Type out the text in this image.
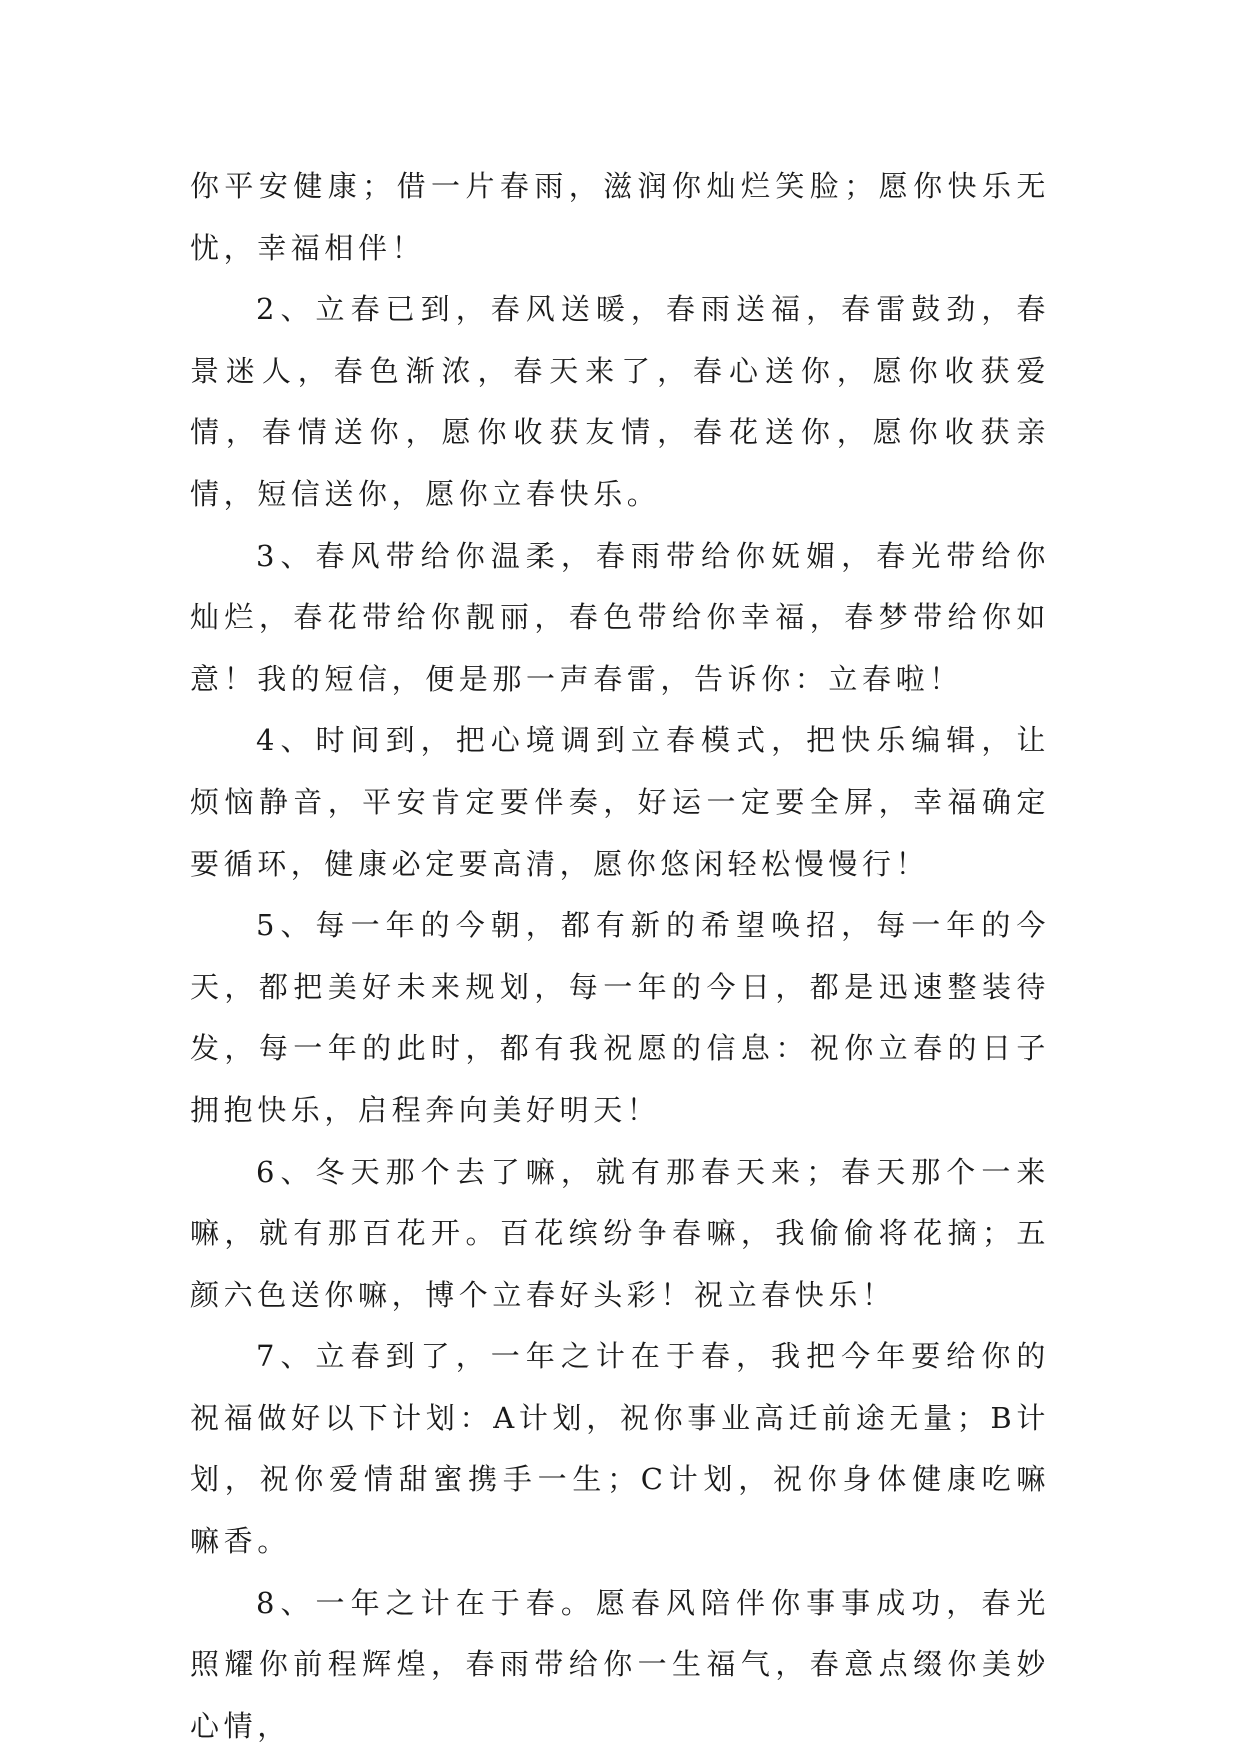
你平安健康；借一片春雨，滋润你灿烂笑脸；愿你快乐无忧，幸福相伴！

2、立春已到，春风送暖，春雨送福，春雷鼓劲，春景迷人，春色渐浓，春天来了，春心送你，愿你收获爱情，春情送你，愿你收获友情，春花送你，愿你收获亲情，短信送你，愿你立春快乐。

3、春风带给你温柔，春雨带给你妩媚，春光带给你灿烂，春花带给你靓丽，春色带给你幸福，春梦带给你如意！我的短信，便是那一声春雷，告诉你：立春啦！

4、时间到，把心境调到立春模式，把快乐编辑，让烦恼静音，平安肯定要伴奏，好运一定要全屏，幸福确定要循环，健康必定要高清，愿你悠闲轻松慢慢行！

5、每一年的今朝，都有新的希望唤招，每一年的今天，都把美好未来规划，每一年的今日，都是迅速整装待发，每一年的此时，都有我祝愿的信息：祝你立春的日子拥抱快乐，启程奔向美好明天！

6、冬天那个去了嘛，就有那春天来；春天那个一来嘛，就有那百花开。百花缤纷争春嘛，我偷偷将花摘；五颜六色送你嘛，博个立春好头彩！祝立春快乐！

7、立春到了，一年之计在于春，我把今年要给你的祝福做好以下计划：A计划，祝你事业高迁前途无量；B计划，祝你爱情甜蜜携手一生；C计划，祝你身体健康吃嘛嘛香。

8、一年之计在于春。愿春风陪伴你事事成功，春光照耀你前程辉煌，春雨带给你一生福气，春意点缀你美妙心情，
